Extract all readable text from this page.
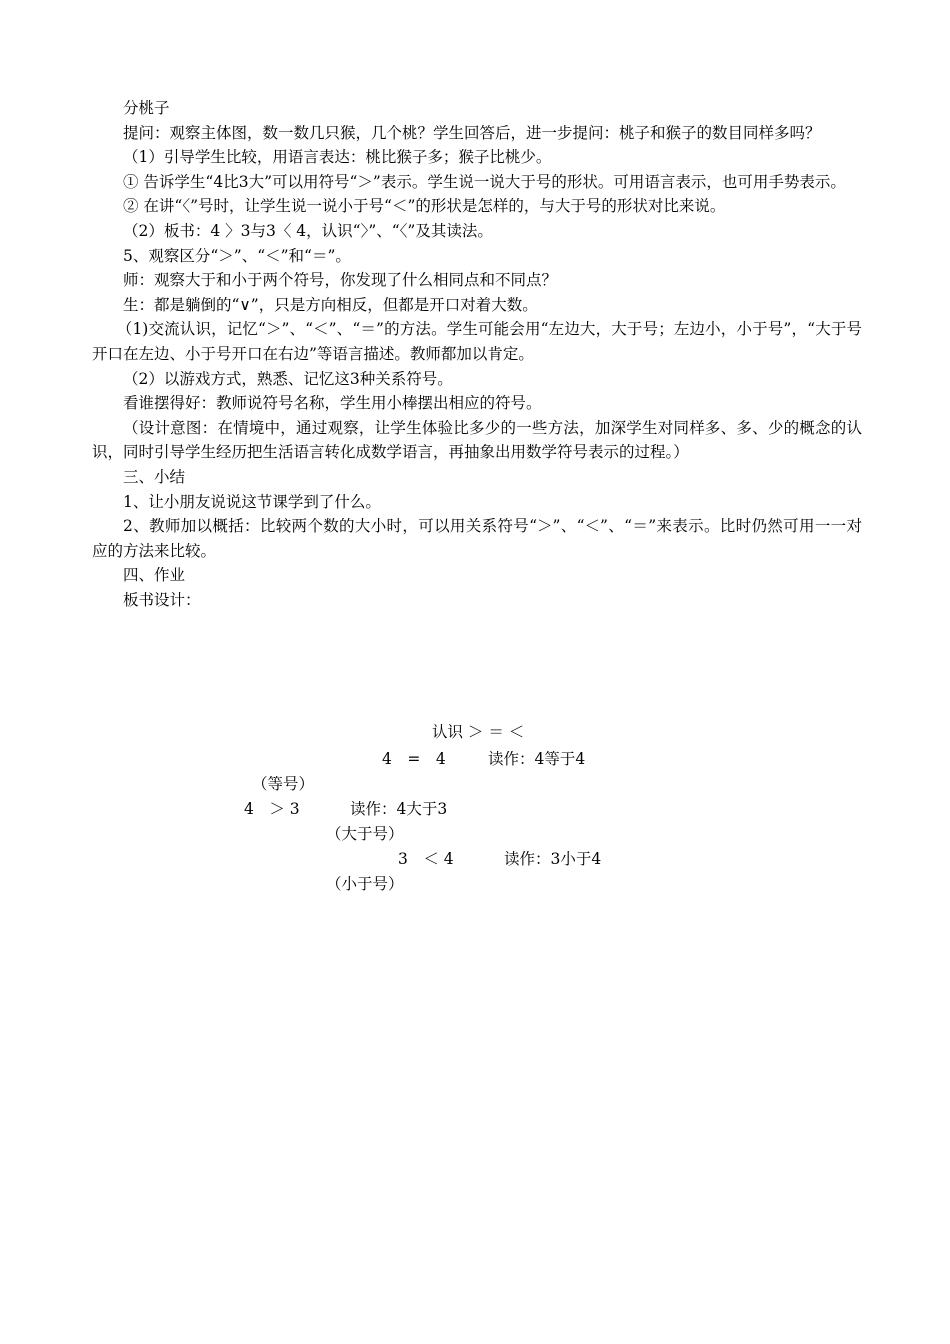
分桃子

提问：观察主体图，数一数几只猴，几个桃？学生回答后，进一步提问：桃子和猴子的数目同样多吗？

（1）引导学生比较，用语言表达：桃比猴子多；猴子比桃少。

① 告诉学生“4比3大”可以用符号“＞”表示。学生说一说大于号的形状。可用语言表示，也可用手势表示。

② 在讲“〈”号时，让学生说一说小于号“＜”的形状是怎样的，与大于号的形状对比来说。

（2）板书：4 〉3与3〈 4，认识“〉”、“〈”及其读法。

5、观察区分“＞”、“＜”和“＝”。

师：观察大于和小于两个符号，你发现了什么相同点和不同点？

生：都是躺倒的“∨”，只是方向相反，但都是开口对着大数。

（1)交流认识，记忆“＞”、“＜”、“＝”的方法。学生可能会用“左边大，大于号；左边小，小于号”，“大于号开口在左边、小于号开口在右边”等语言描述。教师都加以肯定。

（2）以游戏方式，熟悉、记忆这3种关系符号。

看谁摆得好：教师说符号名称，学生用小棒摆出相应的符号。

（设计意图：在情境中，通过观察，让学生体验比多少的一些方法，加深学生对同样多、多、少的概念的认识，同时引导学生经历把生活语言转化成数学语言，再抽象出用数学符号表示的过程。）

三、小结

1、让小朋友说说这节课学到了什么。

2、教师加以概括：比较两个数的大小时，可以用关系符号“＞”、“＜”、“＝”来表示。比时仍然可用一一对应的方法来比较。

四、作业

板书设计：

认识 ＞ ＝ ＜
4　=　4	读作：4等于4
（等号）
4　＞ 3	读作：4大于3
（大于号）
3　＜ 4	读作：3小于4
（小于号）
